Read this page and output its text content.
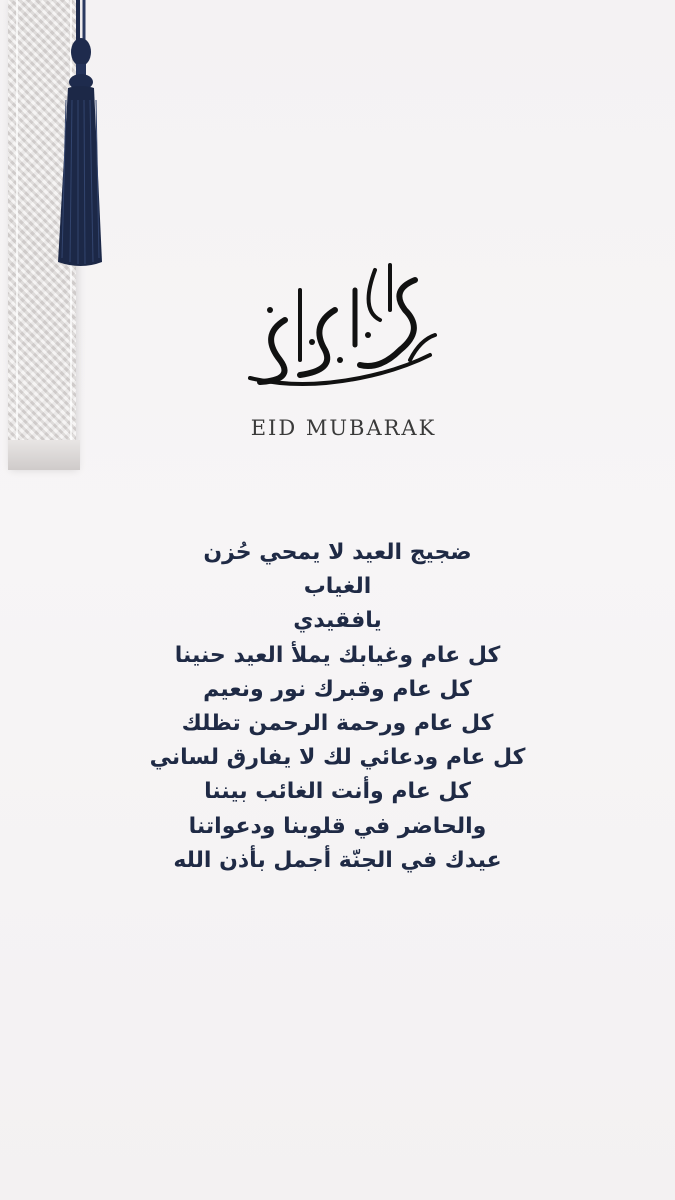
EID MUBARAK
ضجيج العيد لا يمحي حُزن
الغياب
يافقيدي
كل عام وغيابك يملأ العيد حنينا
كل عام وقبرك نور ونعيم
كل عام ورحمة الرحمن تظلك
كل عام ودعائي لك لا يفارق لساني
كل عام وأنت الغائب بيننا
والحاضر في قلوبنا ودعواتنا
عيدك في الجنّة أجمل بأذن الله
